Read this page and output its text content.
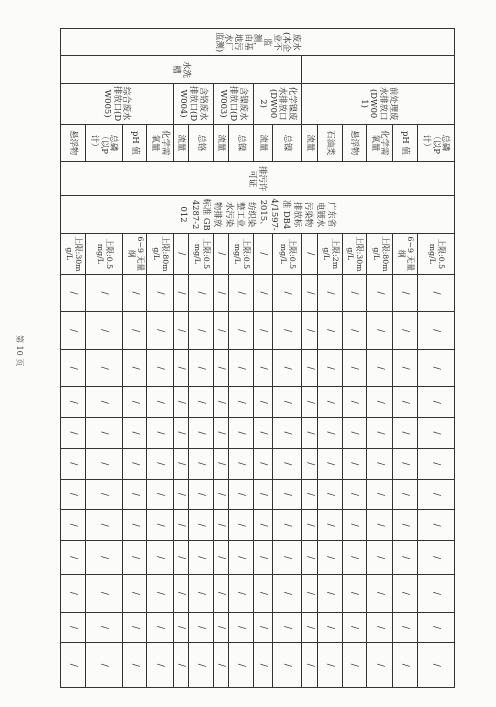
废水(本企业不监测，由基地污水厂监测)		前处理废水排放口(DW001)	总磷（以P计）	排污许可证	广东省电镀水污染物排放标准 DB44/1597-2015、纺织染整工业水污染物排放标准 GB 4287-2012	上限:0.5mg/L	/	/	/	/	/	/	/	/	/	/	/	/
			pH 值			6~9 无量纲	/	/	/	/	/	/	/	/	/	/	/	/
			化学需氧量			上限:80mg/L	/	/	/	/	/	/	/	/	/	/	/	/
			悬浮物			上限:30mg/L	/	/	/	/	/	/	/	/	/	/	/	/
			石油类			上限:2mg/L	/	/	/	/	/	/	/	/	/	/	/	/
			流量			/	/	/	/	/	/	/	/	/	/	/	/	/
	水洗槽	化学镍废水排放口(DW002)	总镍			上限:0.5mg/L	/	/	/	/	/	/	/	/	/	/	/	/
			流量			/	/	/	/	/	/	/	/	/	/	/	/	/
		含镍废水排放口(DW003)	总镍			上限:0.5mg/L	/	/	/	/	/	/	/	/	/	/	/	/
			流量			/	/	/	/	/	/	/	/	/	/	/	/	/
		含铬废水排放口(DW004)	总铬			上限:0.5mg/L	/	/	/	/	/	/	/	/	/	/	/	/
			流量			/	/	/	/	/	/	/	/	/	/	/	/	/
		综合废水排放口(DW005)	化学需氧量			上限:80mg/L	/	/	/	/	/	/	/	/	/	/	/	/
			pH 值			6~9 无量纲	/	/	/	/	/	/	/	/	/	/	/	/
			总磷（以P计）			上限:0.5mg/L	/	/	/	/	/	/	/	/	/	/	/	/
			悬浮物			上限:30mg/L	/	/	/	/	/	/	/	/	/	/	/	/
第 10 页
